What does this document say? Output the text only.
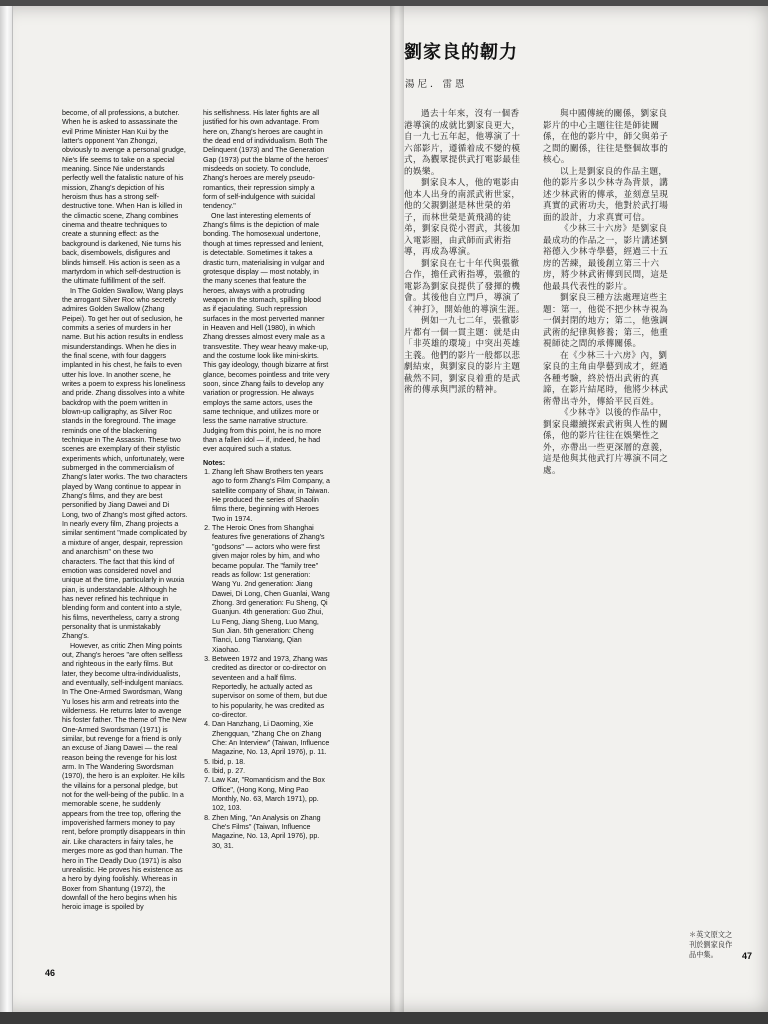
become, of all professions, a butcher. When he is asked to assassinate the evil Prime Minister Han Kui by the latter's opponent Yan Zhongzi, obviously to avenge a personal grudge, Nie's life seems to take on a special meaning. Since Nie understands perfectly well the fatalistic nature of his mission, Zhang's depiction of his heroism thus has a strong self-destructive tone. When Han is killed in the climactic scene, Zhang combines cinema and theatre techniques to create a stunning effect: as the background is darkened, Nie turns his back, disembowels, disfigures and blinds himself. His action is seen as a martyrdom in which self-destruction is the ultimate fulfillment of the self.

In The Golden Swallow, Wang plays the arrogant Silver Roc who secretly admires Golden Swallow (Zhang Peipei). To get her out of seclusion, he commits a series of murders in her name. But his action results in endless misunderstandings. When he dies in the final scene, with four daggers implanted in his chest, he fails to even utter his love. In another scene, he writes a poem to express his loneliness and pride. Zhang dissolves into a white backdrop with the poem written in blown-up calligraphy, as Silver Roc stands in the foreground. The image reminds one of the blackening technique in The Assassin. These two scenes are exemplary of their stylistic experiments which, unfortunately, were submerged in the commercialism of Zhang's later works. The two characters played by Wang continue to appear in Zhang's films, and they are best personified by Jiang Dawei and Di Long, two of Zhang's most gifted actors. In nearly every film, Zhang projects a similar sentiment "made complicated by a mixture of anger, despair, repression and anarchism" on these two characters. The fact that this kind of emotion was considered novel and unique at the time, particularly in wuxia pian, is understandable. Although he has never refined his technique in blending form and content into a style, his films, nevertheless, carry a strong personality that is unmistakably Zhang's.

However, as critic Zhen Ming points out, Zhang's heroes "are often selfless and righteous in the early films. But later, they become ultra-individualists, and eventually, self-indulgent maniacs. In The One-Armed Swordsman, Wang Yu loses his arm and retreats into the wilderness. He returns later to avenge his foster father. The theme of The New One-Armed Swordsman (1971) is similar, but revenge for a friend is only an excuse of Jiang Dawei — the real reason being the revenge for his lost arm. In The Wandering Swordsman (1970), the hero is an exploiter. He kills the villains for a personal pledge, but not for the well-being of the public. In a memorable scene, he suddenly appears from the tree top, offering the impoverished farmers money to pay rent, before promptly disappears in thin air. Like characters in fairy tales, he merges more as god than human. The hero in The Deadly Duo (1971) is also unrealistic. He proves his existence as a hero by dying foolishly. Whereas in Boxer from Shantung (1972), the downfall of the hero begins when his heroic image is spoiled by

his selfishness. His later fights are all justified for his own advantage. From here on, Zhang's heroes are caught in the dead end of individualism. Both The Delinquent (1973) and The Generation Gap (1973) put the blame of the heroes' misdeeds on society. To conclude, Zhang's heroes are merely pseudo-romantics, their repression simply a form of self-indulgence with suicidal tendency."

One last interesting elements of Zhang's films is the depiction of male bonding. The homosexual undertone, though at times repressed and lenient, is detectable. Sometimes it takes a drastic turn, materialising in vulgar and grotesque display — most notably, in the many scenes that feature the heroes, always with a protruding weapon in the stomach, spilling blood as if ejaculating. Such repression surfaces in the most perverted manner in Heaven and Hell (1980), in which Zhang dresses almost every male as a transvestite. They wear heavy make-up, and the costume look like mini-skirts. This gay ideology, though bizarre at first glance, becomes pointless and trite very soon, since Zhang fails to develop any variation or progression. He always employs the same actors, uses the same technique, and utilizes more or less the same narrative structure. Judging from this point, he is no more than a fallen idol — if, indeed, he had ever acquired such a status.

Notes:

1. Zhang left Shaw Brothers ten years ago to form Zhang's Film Company, a satellite company of Shaw, in Taiwan. He produced the series of Shaolin films there, beginning with Heroes Two in 1974.
2. The Heroic Ones from Shanghai features five generations of Zhang's "godsons" — actors who were first given major roles by him, and who became popular. The "family tree" reads as follow: 1st generation: Wang Yu. 2nd generation: Jiang Dawei, Di Long, Chen Guanlai, Wang Zhong. 3rd generation: Fu Sheng, Qi Guanjun. 4th generation: Guo Zhui, Lu Feng, Jiang Sheng, Luo Mang, Sun Jian. 5th generation: Cheng Tianci, Long Tianxiang, Qian Xiaohao.
3. Between 1972 and 1973, Zhang was credited as director or co-director on seventeen and a half films. Reportedly, he actually acted as supervisor on some of them, but due to his popularity, he was credited as co-director.
4. Dan Hanzhang, Li Daoming, Xie Zhengquan, "Zhang Che on Zhang Che: An Interview" (Taiwan, Influence Magazine, No. 13, April 1976), p. 11.
5. Ibid, p. 18.
6. Ibid, p. 27.
7. Law Kar, "Romanticism and the Box Office", (Hong Kong, Ming Pao Monthly, No. 63, March 1971), pp. 102, 103.
8. Zhen Ming, "An Analysis on Zhang Che's Films" (Taiwan, Influence Magazine, No. 13, April 1976), pp. 30, 31.
46
劉家良的韌力
湯尼．雷恩

過去十年來，沒有一個香港導演的成就比劉家良更大，自一九七五年起，他導演了十六部影片，遵循着成不變的模式，為觀眾提供武打電影最佳的娛樂。

劉家良本人，他的電影由他本人出身的南派武術世家，他的父親劉湛是林世榮的弟子，而林世榮是黃飛鴻的徒弟，劉家良從小習武，其後加入電影圈，由武師而武術指導，再成為導演。

劉家良在七十年代與張徹合作，擔任武術指導，張徹的電影為劉家良提供了發揮的機會。其後他自立門戶，導演了《神打》，開始他的導演生涯。

例如一九七二年，張徹影片都有一個一貫主題：就是由「非英雄的環境」中突出英雄主義。他們的影片一般都以悲劇結束，與劉家良的影片主題截然不同，劉家良着重的是武術的傳承與門派的精神。

與中國傳統的關係，劉家良影片的中心主題往往是師徒關係，在他的影片中，師父與弟子之間的關係，往往是整個故事的核心。

以上是劉家良的作品主題，他的影片多以少林寺為背景，講述少林武術的傳承，並刻意呈現真實的武術功夫，他對於武打場面的設計，力求真實可信。

《少林三十六房》是劉家良最成功的作品之一，影片講述劉裕德入少林寺學藝，經過三十五房的苦練，最後創立第三十六房，將少林武術傳到民間，這是他最具代表性的影片。

劉家良三種方法處理這些主題：第一，他從不把少林寺視為一個封閉的地方；第二，他強調武術的紀律與修養；第三，他重視師徒之間的承傳關係。

在《少林三十六房》內，劉家良的主角由學藝到成才，經過各種考驗，終於悟出武術的真諦，在影片結尾時，他將少林武術帶出寺外，傳給平民百姓。

《少林寺》以後的作品中，劉家良繼續探索武術與人性的關係，他的影片往往在娛樂性之外，亦帶出一些更深層的意義，這是他與其他武打片導演不同之處。

＊英文原文之刊於劉家良作品中集。	47
